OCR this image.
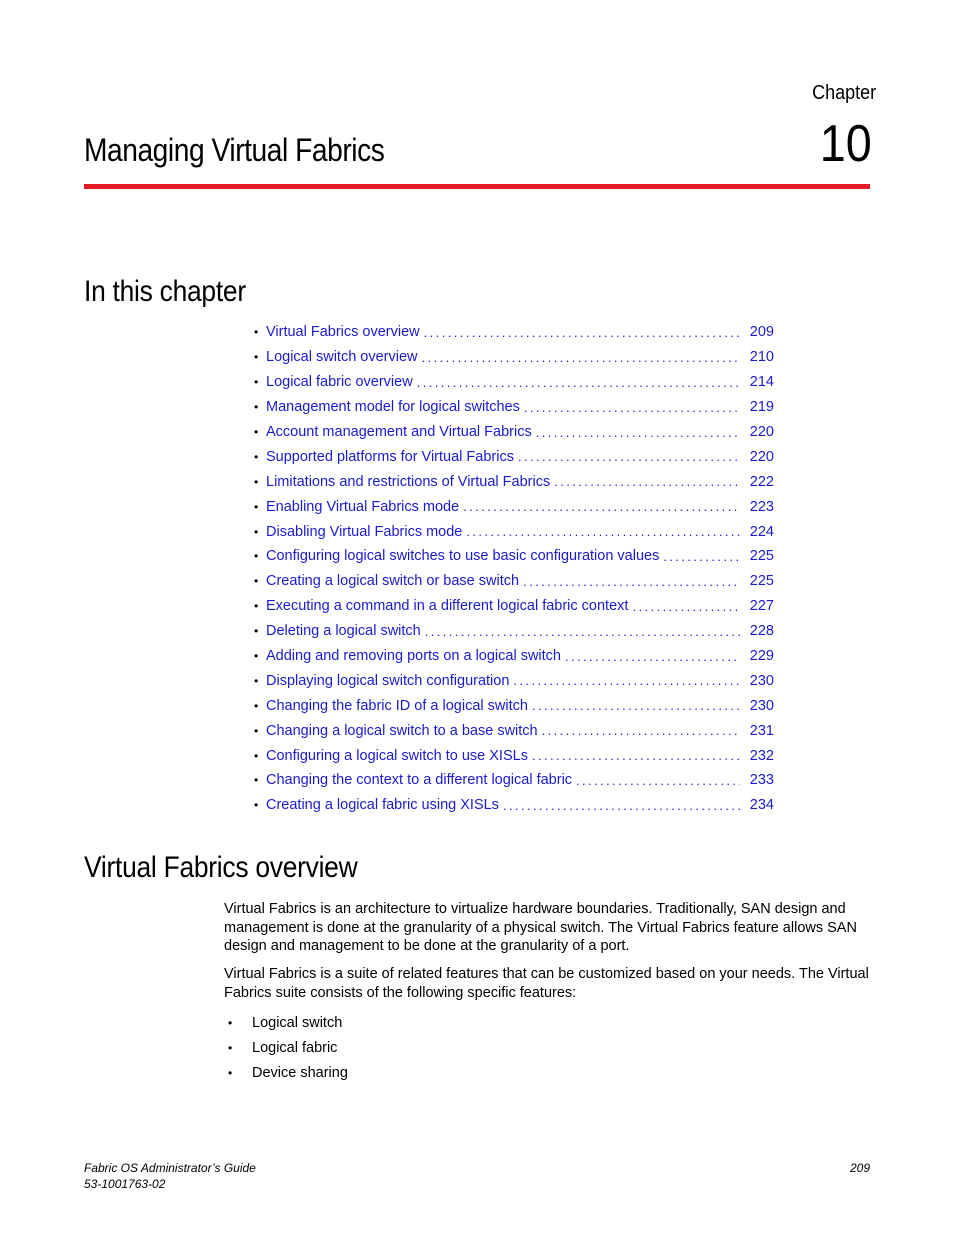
Chapter
10
Managing Virtual Fabrics
In this chapter
• Virtual Fabrics overview .....	209
• Logical switch overview .....	210
• Logical fabric overview .....	214
• Management model for logical switches .....	219
• Account management and Virtual Fabrics .....	220
• Supported platforms for Virtual Fabrics .....	220
• Limitations and restrictions of Virtual Fabrics .....	222
• Enabling Virtual Fabrics mode .....	223
• Disabling Virtual Fabrics mode .....	224
• Configuring logical switches to use basic configuration values .....	225
• Creating a logical switch or base switch .....	225
• Executing a command in a different logical fabric context .....	227
• Deleting a logical switch .....	228
• Adding and removing ports on a logical switch .....	229
• Displaying logical switch configuration .....	230
• Changing the fabric ID of a logical switch .....	230
• Changing a logical switch to a base switch .....	231
• Configuring a logical switch to use XISLs .....	232
• Changing the context to a different logical fabric .....	233
• Creating a logical fabric using XISLs .....	234
Virtual Fabrics overview

Virtual Fabrics is an architecture to virtualize hardware boundaries. Traditionally, SAN design and management is done at the granularity of a physical switch. The Virtual Fabrics feature allows SAN design and management to be done at the granularity of a port.

Virtual Fabrics is a suite of related features that can be customized based on your needs. The Virtual Fabrics suite consists of the following specific features:

•	Logical switch
•	Logical fabric
•	Device sharing
Fabric OS Administrator’s Guide
53-1001763-02
209
